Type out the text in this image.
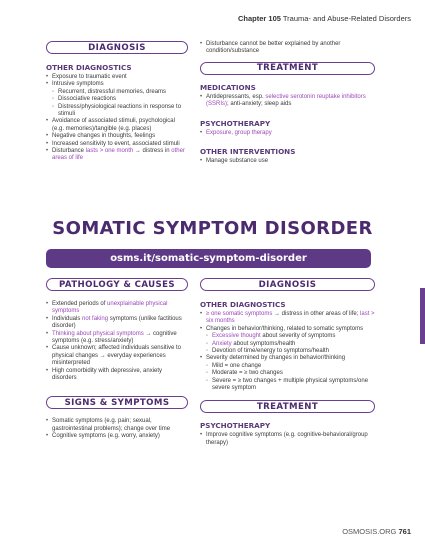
Chapter 105 Trauma- and Abuse-Related Disorders
DIAGNOSIS
OTHER DIAGNOSTICS
• Exposure to traumatic event
• Intrusive symptoms
◦ Recurrent, distressful memories, dreams
◦ Dissociative reactions
◦ Distress/physiological reactions in response to stimuli
• Avoidance of associated stimuli, psychological (e.g. memories)/tangible (e.g. places)
• Negative changes in thoughts, feelings
• Increased sensitivity to event, associated stimuli
• Disturbance lasts > one month → distress in other areas of life
• Disturbance cannot be better explained by another condition/substance
TREATMENT
MEDICATIONS
• Antidepressants, esp. selective serotonin reuptake inhibitors (SSRIs); anti-anxiety; sleep aids
PSYCHOTHERAPY
• Exposure, group therapy
OTHER INTERVENTIONS
• Manage substance use
SOMATIC SYMPTOM DISORDER
osms.it/somatic-symptom-disorder
PATHOLOGY & CAUSES
• Extended periods of unexplainable physical symptoms
• Individuals not faking symptoms (unlike factitious disorder)
• Thinking about physical symptoms → cognitive symptoms (e.g. stress/anxiety)
• Cause unknown; affected individuals sensitive to physical changes → everyday experiences misinterpreted
• High comorbidity with depressive, anxiety disorders
SIGNS & SYMPTOMS
• Somatic symptoms (e.g. pain; sexual, gastrointestinal problems); change over time
• Cognitive symptoms (e.g. worry, anxiety)
DIAGNOSIS
OTHER DIAGNOSTICS
• ≥ one somatic symptoms → distress in other areas of life; last > six months
• Changes in behavior/thinking, related to somatic symptoms
◦ Excessive thought about severity of symptoms
◦ Anxiety about symptoms/health
◦ Devotion of time/energy to symptoms/health
• Severity determined by changes in behavior/thinking
◦ Mild = one change
◦ Moderate = ≥ two changes
◦ Severe = ≥ two changes + multiple physical symptoms/one severe symptom
TREATMENT
PSYCHOTHERAPY
• Improve cognitive symptoms (e.g. cognitive-behavioral/group therapy)
OSMOSIS.ORG 761
